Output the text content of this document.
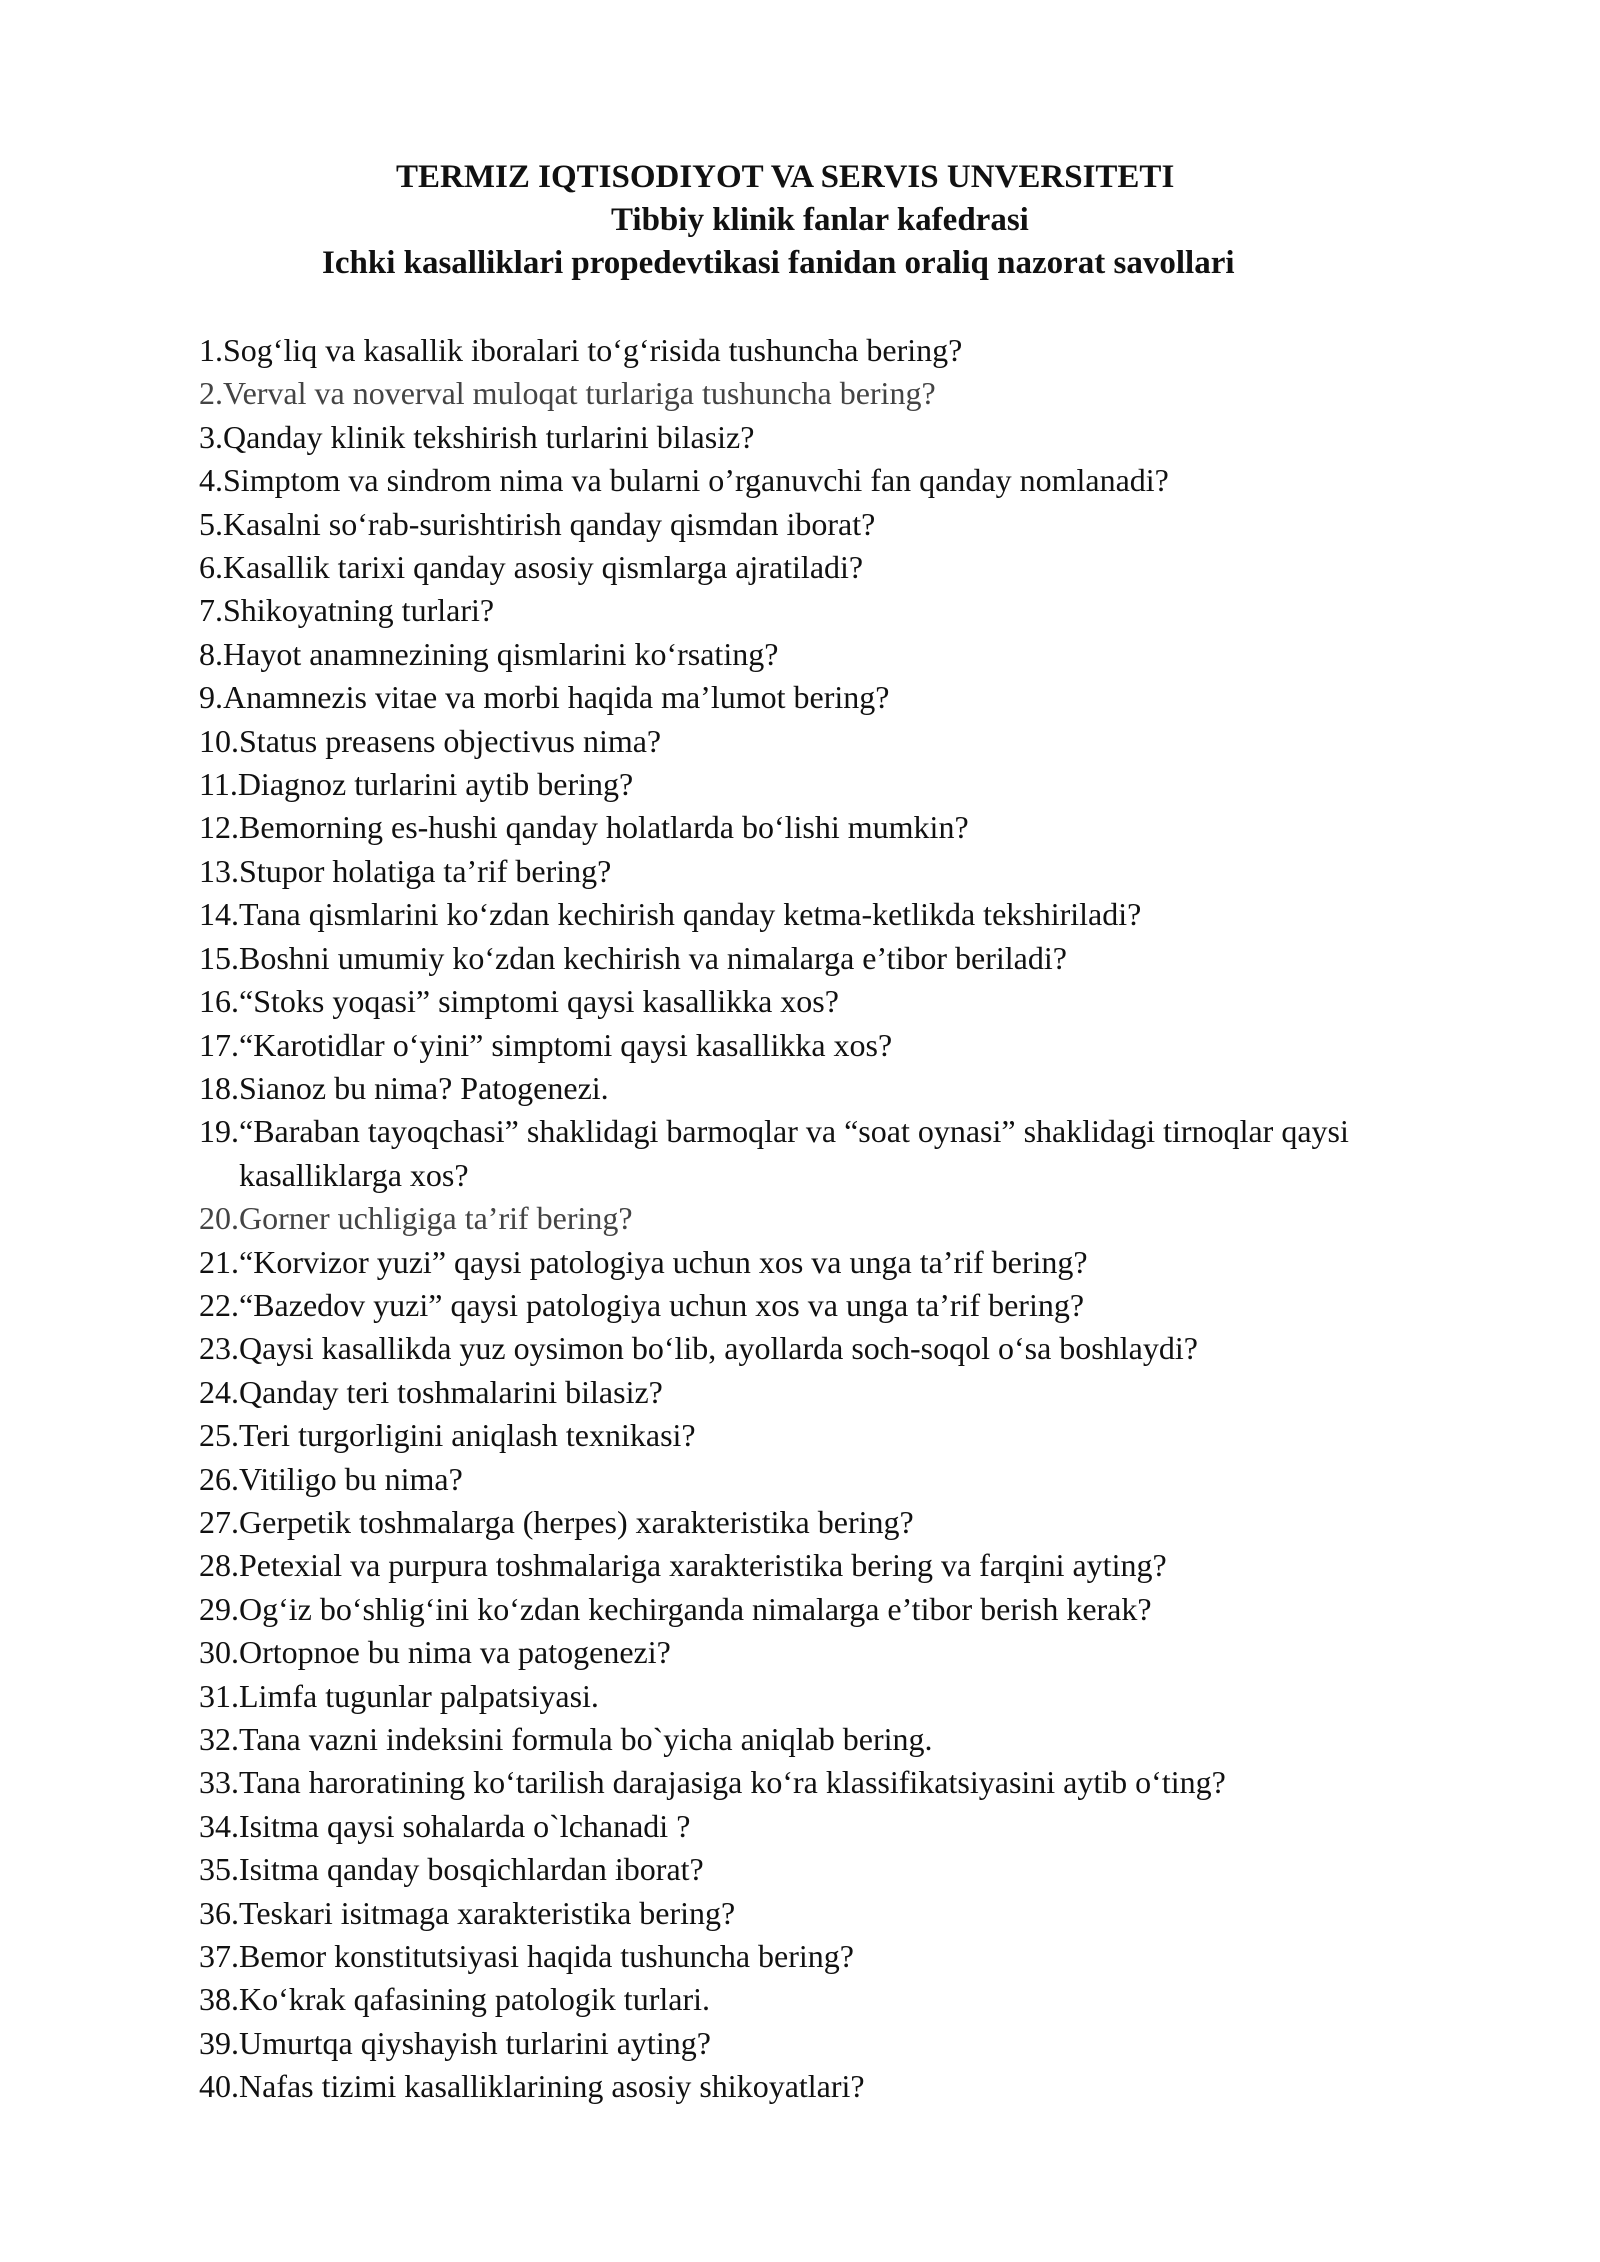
TERMIZ IQTISODIYOT VA SERVIS UNVERSITETI
Tibbiy klinik fanlar kafedrasi
Ichki kasalliklari propedevtikasi fanidan oraliq nazorat savollari
1. Sog‘liq va kasallik iboralari to‘g‘risida tushuncha bering?
2. Verval va noverval muloqat turlariga tushuncha bering?
3. Qanday klinik tekshirish turlarini bilasiz?
4. Simptom va sindrom nima va bularni o’rganuvchi fan qanday nomlanadi?
5. Kasalni so‘rab-surishtirish qanday qismdan iborat?
6. Kasallik tarixi qanday asosiy qismlarga ajratiladi?
7. Shikoyatning turlari?
8. Hayot anamnezining qismlarini ko‘rsating?
9. Anamnezis vitae va morbi haqida ma’lumot bering?
10. Status preasens objectivus nima?
11. Diagnoz turlarini aytib bering?
12. Bemorning es-hushi qanday holatlarda bo‘lishi mumkin?
13. Stupor holatiga ta’rif bering?
14. Tana qismlarini ko‘zdan kechirish qanday ketma-ketlikda tekshiriladi?
15. Boshni umumiy ko‘zdan kechirish va nimalarga e’tibor beriladi?
16. “Stoks yoqasi” simptomi qaysi kasallikka xos?
17. “Karotidlar o‘yini” simptomi qaysi kasallikka xos?
18. Sianoz bu nima? Patogenezi.
19. “Baraban tayoqchasi” shaklidagi barmoqlar va “soat oynasi” shaklidagi tirnoqlar qaysi kasalliklarga xos?
20. Gorner uchligiga ta’rif bering?
21. “Korvizor yuzi” qaysi patologiya uchun xos va unga ta’rif bering?
22. “Bazedov yuzi” qaysi patologiya uchun xos va unga ta’rif bering?
23. Qaysi kasallikda yuz oysimon bo‘lib, ayollarda soch-soqol o‘sa boshlaydi?
24. Qanday teri toshmalarini bilasiz?
25. Teri turgorligini aniqlash texnikasi?
26. Vitiligo bu nima?
27. Gerpetik toshmalarga (herpes) xarakteristika bering?
28. Petexial va purpura toshmalariga xarakteristika bering va farqini ayting?
29. Og‘iz bo‘shlig‘ini ko‘zdan kechirganda nimalarga e’tibor berish kerak?
30. Ortopnoe bu nima va patogenezi?
31. Limfa tugunlar palpatsiyasi.
32. Tana vazni indeksini formula bo`yicha aniqlab bering.
33. Tana haroratining ko‘tarilish darajasiga ko‘ra klassifikatsiyasini aytib o‘ting?
34. Isitma qaysi sohalarda o`lchanadi ?
35. Isitma qanday bosqichlardan iborat?
36. Teskari isitmaga xarakteristika bering?
37. Bemor konstitutsiyasi haqida tushuncha bering?
38. Ko‘krak qafasining patologik turlari.
39. Umurtqa qiyshayish turlarini ayting?
40. Nafas tizimi kasalliklarining asosiy shikoyatlari?
